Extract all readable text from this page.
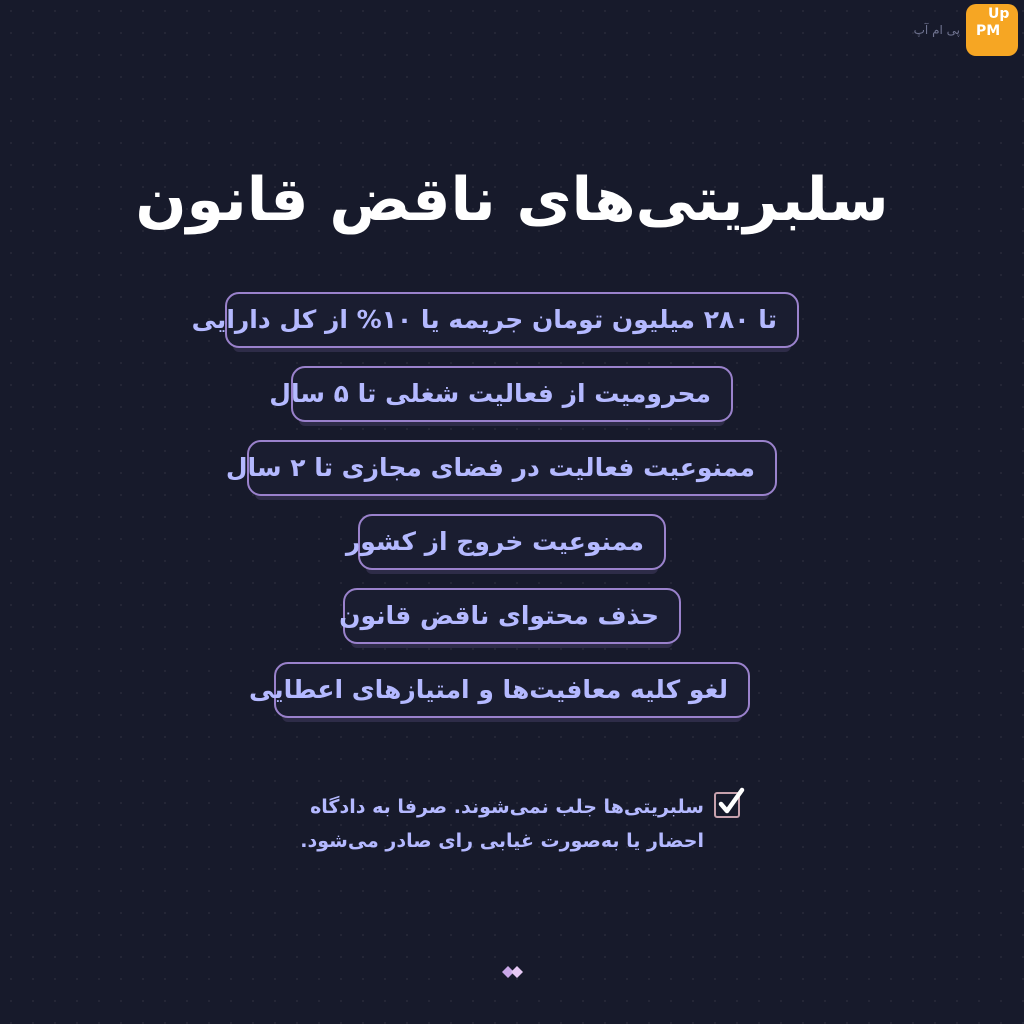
Up
PM
پی ام آپ
سلبریتی‌های ناقض قانون
تا ۲۸۰ میلیون تومان جریمه یا ۱۰% از کل دارایی
محرومیت از فعالیت شغلی تا ۵ سال
ممنوعیت فعالیت در فضای مجازی تا ۲ سال
ممنوعیت خروج از کشور
حذف محتوای ناقض قانون
لغو کلیه معافیت‌ها و امتیازهای اعطایی
سلبریتی‌ها جلب نمی‌شوند. صرفا به دادگاه
احضار یا به‌صورت غیابی رای صادر می‌شود.
